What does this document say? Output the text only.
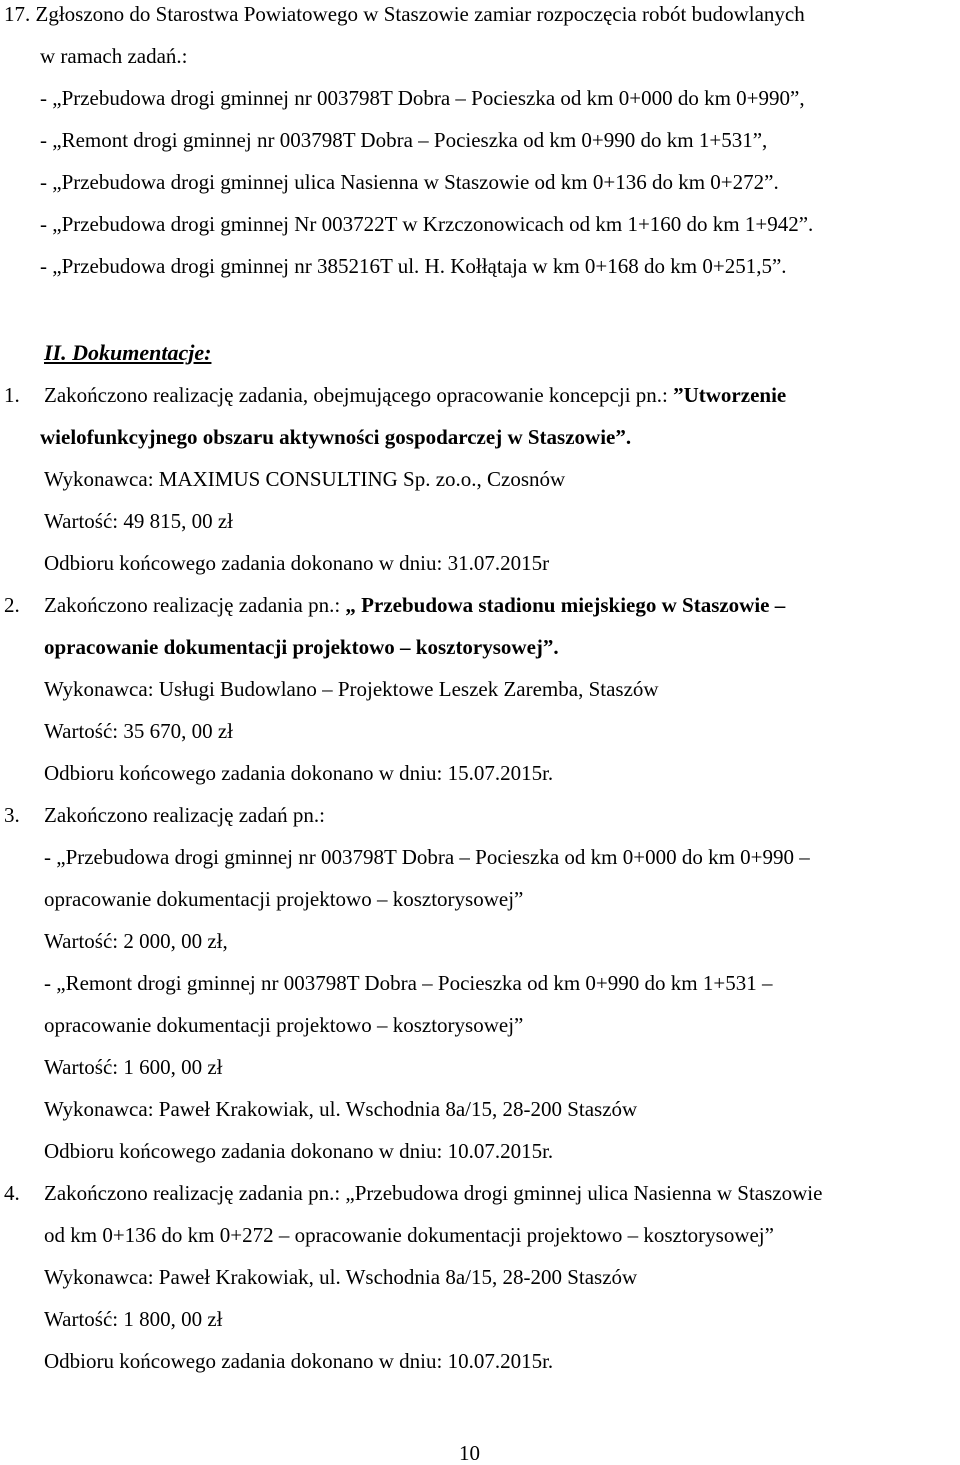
17. Zgłoszono do Starostwa Powiatowego w Staszowie zamiar rozpoczęcia robót budowlanych
w ramach zadań.:
- „Przebudowa drogi gminnej nr 003798T Dobra – Pocieszka od km 0+000 do km 0+990”,
- „Remont drogi gminnej nr 003798T Dobra – Pocieszka od km 0+990 do km 1+531”,
- „Przebudowa drogi gminnej ulica Nasienna w Staszowie od km 0+136 do km 0+272”.
- „Przebudowa drogi gminnej Nr 003722T w Krzczonowicach od km 1+160 do km 1+942”.
- „Przebudowa drogi gminnej nr 385216T ul. H. Kołłątaja w km 0+168 do km 0+251,5”.
II. Dokumentacje:
1. Zakończono realizację zadania, obejmującego opracowanie koncepcji pn.: ”Utworzenie
wielofunkcyjnego obszaru aktywności gospodarczej w Staszowie”.
Wykonawca: MAXIMUS CONSULTING Sp. zo.o., Czosnów
Wartość: 49 815, 00 zł
Odbioru końcowego zadania dokonano w dniu: 31.07.2015r
2. Zakończono realizację zadania pn.: „ Przebudowa stadionu miejskiego w Staszowie –
opracowanie dokumentacji projektowo – kosztorysowej”.
Wykonawca: Usługi Budowlano – Projektowe Leszek Zaremba, Staszów
Wartość: 35 670, 00 zł
Odbioru końcowego zadania dokonano w dniu: 15.07.2015r.
3. Zakończono realizację zadań pn.:
- „Przebudowa drogi gminnej nr 003798T Dobra – Pocieszka od km 0+000 do km 0+990 –
opracowanie dokumentacji projektowo – kosztorysowej”
Wartość: 2 000, 00 zł,
- „Remont drogi gminnej nr 003798T Dobra – Pocieszka od km 0+990 do km 1+531 –
opracowanie dokumentacji projektowo – kosztorysowej”
Wartość: 1 600, 00 zł
Wykonawca: Paweł Krakowiak, ul. Wschodnia 8a/15, 28-200 Staszów
Odbioru końcowego zadania dokonano w dniu: 10.07.2015r.
4. Zakończono realizację zadania pn.: „Przebudowa drogi gminnej ulica Nasienna w Staszowie
od km 0+136 do km 0+272 – opracowanie dokumentacji projektowo – kosztorysowej”
Wykonawca: Paweł Krakowiak, ul. Wschodnia 8a/15, 28-200 Staszów
Wartość: 1 800, 00 zł
Odbioru końcowego zadania dokonano w dniu: 10.07.2015r.
10
